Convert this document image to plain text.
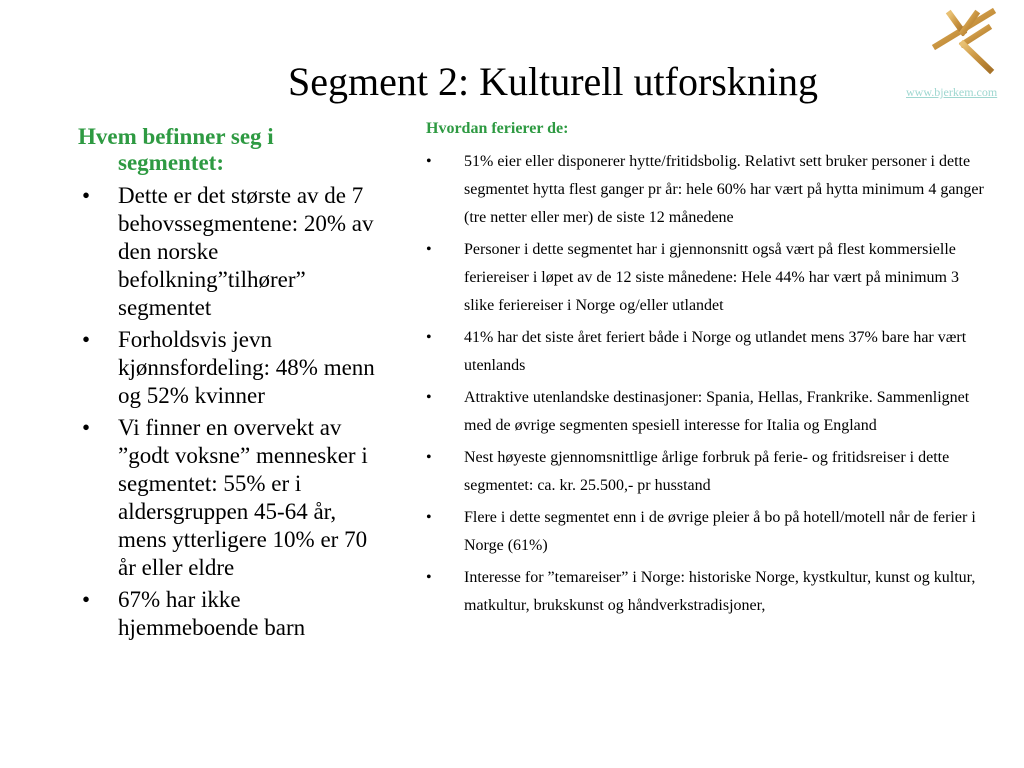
Segment 2: Kulturell utforskning	www.bjerkem.com
Hvem befinner seg i segmentet:
• Dette er det største av de 7 behovssegmentene: 20% av den norske befolkning”tilhører” segmentet
• Forholdsvis jevn kjønnsfordeling: 48% menn og 52% kvinner
• Vi finner en overvekt av ”godt voksne” mennesker i segmentet: 55% er i aldersgruppen 45-64 år, mens ytterligere 10% er 70 år eller eldre
• 67% har ikke hjemmeboende barn
Hvordan ferierer de:
• 51% eier eller disponerer hytte/fritidsbolig. Relativt sett bruker personer i dette segmentet hytta flest ganger pr år: hele 60% har vært på hytta minimum 4 ganger (tre netter eller mer) de siste 12 månedene
• Personer i dette segmentet har i gjennonsnitt også vært på flest kommersielle feriereiser i løpet av de 12 siste månedene: Hele 44% har vært på minimum 3 slike feriereiser i Norge og/eller utlandet
• 41% har det siste året feriert både i Norge og utlandet mens 37% bare har vært utenlands
• Attraktive utenlandske destinasjoner: Spania, Hellas, Frankrike. Sammenlignet med de øvrige segmenten spesiell interesse for Italia og England
• Nest høyeste gjennomsnittlige årlige forbruk på ferie- og fritidsreiser i dette segmentet: ca. kr. 25.500,- pr husstand
• Flere i dette segmentet enn i de øvrige pleier å bo på hotell/motell når de ferier i Norge (61%)
• Interesse for ”temareiser” i Norge: historiske Norge, kystkultur, kunst og kultur, matkultur, brukskunst og håndverkstradisjoner,
